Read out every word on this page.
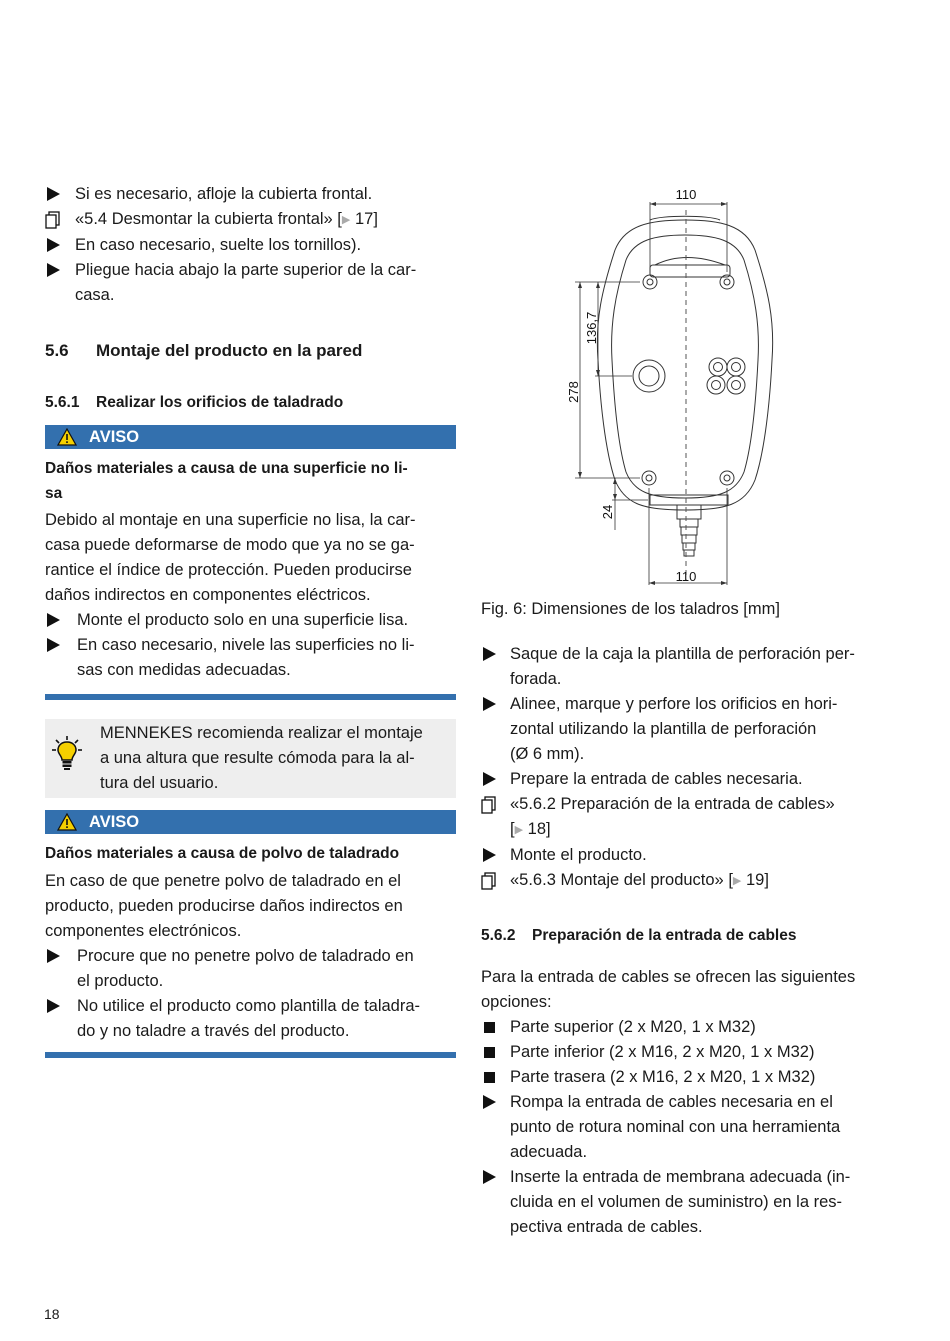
Si es necesario, afloje la cubierta frontal.
«5.4 Desmontar la cubierta frontal» [▶ 17]
En caso necesario, suelte los tornillos).
Pliegue hacia abajo la parte superior de la car-
casa.
5.6 Montaje del producto en la pared
5.6.1 Realizar los orificios de taladrado
AVISO
Daños materiales a causa de una superficie no li-
sa
Debido al montaje en una superficie no lisa, la car-
casa puede deformarse de modo que ya no se ga-
rantice el índice de protección. Pueden producirse
daños indirectos en componentes eléctricos.
Monte el producto solo en una superficie lisa.
En caso necesario, nivele las superficies no li-
sas con medidas adecuadas.
MENNEKES recomienda realizar el montaje
a una altura que resulte cómoda para la al-
tura del usuario.
AVISO
Daños materiales a causa de polvo de taladrado
En caso de que penetre polvo de taladrado en el
producto, pueden producirse daños indirectos en
componentes electrónicos.
Procure que no penetre polvo de taladrado en
el producto.
No utilice el producto como plantilla de taladra-
do y no taladre a través del producto.
110
110
278
136,7
24
Fig. 6: Dimensiones de los taladros [mm]
Saque de la caja la plantilla de perforación per-
forada.
Alinee, marque y perfore los orificios en hori-
zontal utilizando la plantilla de perforación
(Ø 6 mm).
Prepare la entrada de cables necesaria.
«5.6.2 Preparación de la entrada de cables»
[▶ 18]
Monte el producto.
«5.6.3 Montaje del producto» [▶ 19]
5.6.2 Preparación de la entrada de cables
Para la entrada de cables se ofrecen las siguientes
opciones:
Parte superior (2 x M20, 1 x M32)
Parte inferior (2 x M16, 2 x M20, 1 x M32)
Parte trasera (2 x M16, 2 x M20, 1 x M32)
Rompa la entrada de cables necesaria en el
punto de rotura nominal con una herramienta
adecuada.
Inserte la entrada de membrana adecuada (in-
cluida en el volumen de suministro) en la res-
pectiva entrada de cables.
18
